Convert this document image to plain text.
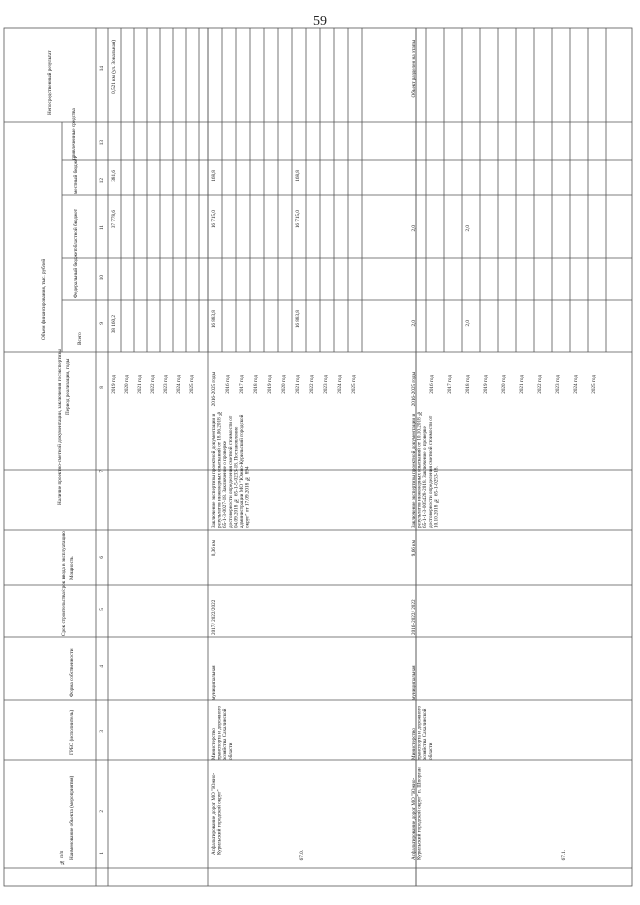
59
№ п/п Наименование объекта (мероприятия)
ГРБС (исполнитель)
Форма собственности
Срок строительства/срок ввода в эксплуатацию Мощность
Наличие проектно-сметной документации, заключения госэкспертизы Период реализации, годы
Объем финансирования, тыс. рублей	Всего
Федеральный бюджет
областной бюджет
местный бюджет
привлеченные средства
Непосредственный результат
1
2
3
4
5
6
7
8
9
10
11
12
13
14
2019 год
38 160,2
37 778,6
381,6
0,521 км (ул. Зональная)
2020 год 2021 год 2022 год 2023 год 2024 год 2025 год
67.0.
Асфальтирование дорог МО "Южно-Курильский городской округ"
Министерство транспорта и дорожного хозяйства Сахалинской области
муниципальная
2017/ 2022/2022
0,36 км
Заключение экспертизы проектной документации и результатов инженерных изысканий от 18.06.2018 № 65-1-3-0027-18. Заключение о проверке достоверности определения сметной стоимости от 04.09.2018 № 65-1-5-0233-18. Постановление администрации МО "Южно-Курильский городской округ" от 17.09.2018 № 894
2016-2025 годы
16 883,8
16 715,0
168,8
2016 год 2017 год 2018 год 2019 год 2020 год 2021 год
16 883,8
16 715,0
168,8
2022 год 2023 год 2024 год 2025 год
67.1.
Асфальтирование дорог МО "Южно-Курильский городской округ" п. Шпорган
Министерство транспорта и дорожного хозяйства Сахалинской области
муниципальная
2016-2022/ 2022
9,66 км
Заключение экспертизы проектной документации и результатов инженерных изысканий от 10.10.2018 № 65-1-1-3-005428-2018. Заключение о проверке достоверности определения сметной стоимости от 10.10.2018 № 65-1-0253-18.
2016-2025 годы
2,0
2,0
Объект разделен на этапы
2016 год 2017 год 2018 год
2,0
2,0
2019 год 2020 год 2021 год 2022 год 2023 год 2024 год 2025 год
